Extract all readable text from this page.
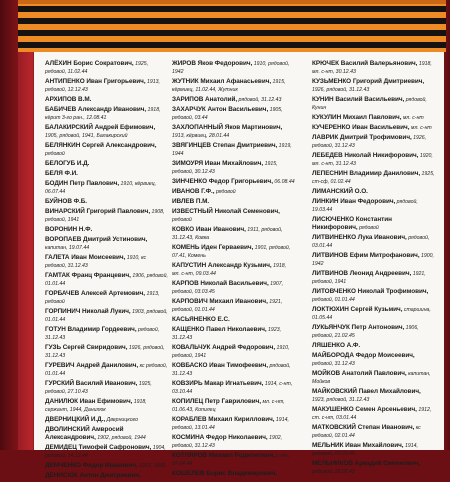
АЛЁХИН Борис Сократович, 1925, рядовой, 11.02.44
АНТИПЕНКО Иван Григорьевич, 1913, рядовой, 12.12.43
АРХИПОВ В.М.
БАБИЧЕВ Александр Иванович, 1918, кёрит 3-го ран., 12.08.41
БАЛАКИРСКИЙ Андрей Ефимович, 1905, рядовой, 1941, Балакирский
БЕЛЯНКИН Сергей Александрович, рядовой
БЕЛОГУБ И.Д.
БЕЛЯ Ф.И.
БОДИН Петр Павлович, 1910, кёрвиец, 06.07.44
БУЙНОВ Ф.Б.
ВИНАРСКИЙ Григорий Павлович, 1908, рядовой, 1941
ВОРОНИН Н.Ф.
ВОРОПАЕВ Дмитрий Устинович, капитан, 19.07.44
ГАЛЕТА Иван Моисеевич, 1910, кс рядовой, 31.12.43
ГАМТАК Франц Францевич, 1906, рядовой, 01.01.44
ГОРБАЧЕВ Алексей Артемович, 1913, рядовой
ГОРПИНИЧ Николай Лукич, 1903, рядовой, 01.01.44
ГОТУН Владимир Гордеевич, рядовой, 31.12.43
ГУЗЬ Сергей Свиридович, 1926, рядовой, 31.12.43
ГУРЕВИЧ Андрей Данилович, кс рядовой, 01.01.44
ГУРСКИЙ Василий Иванович, 1925, рядовой, 27.10.43
ДАНИЛЮК Иван Ефимович, 1918, сержант, 1944, Данилюк
ДВЕРНИЦКИЙ И.Д., Дверницкого
ДВОЛИНСКИЙ Амвросий Александрович, 1902, рядовой, 1944
ДЕМИДЕЦ Тимофей Сафронович, 1904, рядовой, 14.12.44
ДЕМЧЕНКО Федор Иванович, 1913, 1943
ДЕНИСЮК Антон Дмитриевич,
ЖИРОВ Яков Федорович, 1910, рядовой, 1942
ЖУТНИК Михаил Афанасьевич, 1915, кёрмиец, 11.02.44, Жутник
ЗАРИПОВ Анатолий, рядовой, 31.12.43
ЗАХАРЧУК Антон Васильевич, 1905, рядовой, 03.44
ЗАХЛОПАННЫЙ Яков Мартинович, 1913, кёрвиец, 28.01.44
ЗВЯГИНЦЕВ Степан Дмитриевич, 1919, 1944
ЗИМОУРЯ Иван Михайлович, 1915, рядовой, 30.12.43
ЗИНЧЕНКО Федор Григорьевич, 06.08.44
ИВАНОВ Г.Ф., рядовой
ИВЛЕВ П.М.
ИЗВЕСТНЫЙ Николай Семенович, рядовой
КОВКО Иван Иванович, 1911, рядовой, 31.12.43, Ковка
КОМЕНЬ Иден Герваевич, 1901, рядовой, 07.41, Комень
КАПУСТИН Александр Кузьмич, 1918, мл. с-нт, 09.03.44
КАРПОВ Николай Васильевич, 1907, рядовой, 03.03.45
КАРПОВИЧ Михаил Иванович, 1921, рядовой, 01.01.44
КАСЬЯНЕНКО Е.С.
КАЩЕНКО Павел Николаевич, 1923, 31.12.43
КОВАЛЬЧУК Андрей Федорович, 1910, рядовой, 1941
КОВБАСКО Иван Тимофеевич, рядовой, 31.12.43
КОВЗИРЬ Макар Игнатьевич, 1914, с-нт, 03.10.44
КОПИЛЕЦ Петр Гаврилович, мл. с-нт, 01.06.43, Копилец
КОРАБЛЕВ Михаил Кириллович, 1914, рядовой, 13.01.44
КОСМИНА Федор Николаевич, 1902, рядовой, 31.12.43
КОТЛЯРОВ Михаил Родионович, с-нт, 07.04.44
КОШЕЛЕВ Борис Владимирович,
КРЮЧЕК Василий Валерьянович, 1918, мл. с-нт, 30.12.43
КУЗЬМЕНКО Григорий Дмитриевич, 1926, рядовой, 31.12.43
КУНИН Василий Васильевич, рядовой, Кунин
КУКУЛИН Михаил Павлович, мл. с-нт
КУЧЕРЕНКО Иван Васильевич, мл. с-нт
ЛАВРИК Дмитрий Трофимович, 1926, рядовой, 31.12.43
ЛЕБЕДЕВ Николай Никифорович, 1920, мл. с-нт, 31.12.43
ЛЕПЕСНИН Владимир Данилович, 1925, ст-сф, 01.02.44
ЛИМАНСКИЙ О.О.
ЛИНКИН Иван Федорович, рядовой, 19.03.44
ЛИСЮЧЕНКО Константин Никифорович, рядовой
ЛИТВИНЕНКО Лука Иванович, рядовой, 03.01.44
ЛИТВИНОВ Ефим Митрофанович, 1900, 1942
ЛИТВИНОВ Леонид Андреевич, 1921, рядовой, 1941
ЛИТОВЧЕНКО Николай Трофимович, рядовой, 01.01.44
ЛОКТЮХИН Сергей Кузьмич, старшина, 01.05.44
ЛУКЬЯНЧУК Петр Антонович, 1906, рядовой, 21.02.45
ЛЯШЕНКО А.Ф.
МАЙБОРОДА Федор Моисеевич, рядовой, 31.12.43
МОЙКОВ Анатолий Павлович, капитан, Мойков
МАЙКОВСКИЙ Павел Михайлович, 1923, рядовой, 31.12.43
МАКУШЕНКО Семен Арсеньевич, 1912, ст. с-нт, 03.01.44
МАТКОВСКИЙ Степан Иванович, кс рядовой, 02.01.44
МЕЛЬНИК Иван Михайлович, 1914, рядовой, 00.03.45
МЕЛЬНИКОВ Аркадий Семенович, рядовой, 22.02.43
